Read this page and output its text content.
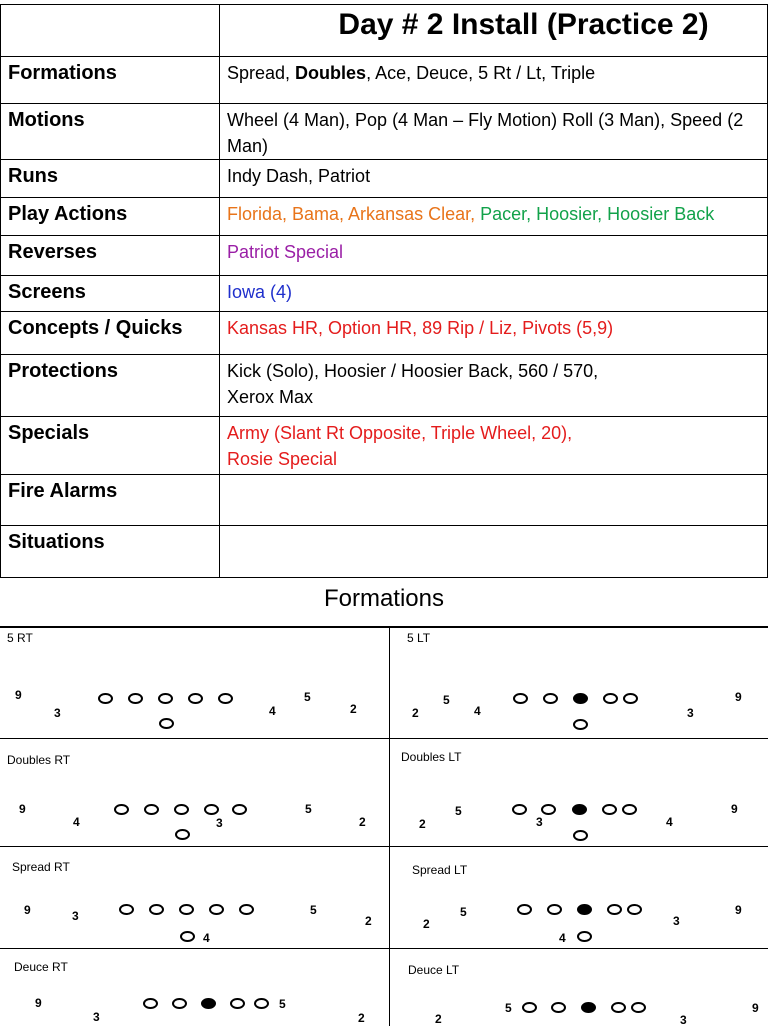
	Day # 2 Install (Practice 2)

Formations	Spread, Doubles, Ace, Deuce, 5 Rt / Lt, Triple
Motions	Wheel (4 Man), Pop (4 Man – Fly Motion) Roll (3 Man), Speed (2 Man)
Runs	Indy Dash, Patriot
Play Actions	Florida, Bama, Arkansas Clear, Pacer, Hoosier, Hoosier Back
Reverses	Patriot Special
Screens	Iowa (4)
Concepts / Quicks	Kansas HR, Option HR, 89 Rip / Liz, Pivots (5,9)
Protections	Kick (Solo), Hoosier / Hoosier Back, 560 / 570,
Xerox Max

Specials	Army (Slant Rt Opposite, Triple Wheel, 20),
Rosie Special

Fire Alarms	
Situations	
Formations
5 RT
9
3	4
5
2
5 LT
2
5
4	3
9
Doubles RT
9
4	3
5
2
Doubles LT
2
5
3	4
9
Spread RT
9	3
4
5
2
Spread LT
2
5
4
3
9
Deuce RT
9
3
5
2
Deuce LT
2
5
3
9
